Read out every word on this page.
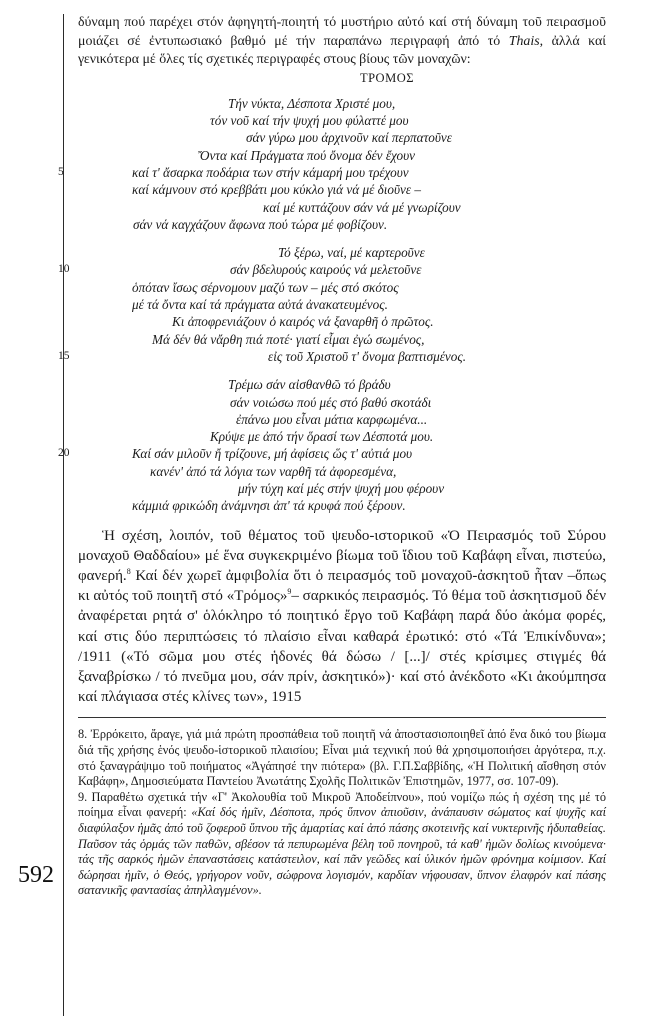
592

δύναμη πού παρέχει στόν ἀφηγητή-ποιητή τό μυστήριο αὐτό καί στή δύναμη τοῦ πειρασμοῦ μοιάζει σέ ἐντυπωσιακό βαθμό μέ τήν παραπάνω περιγραφή ἀπό τό Thais, ἀλλά καί γενικότερα μέ ὅλες τίς σχετικές περιγραφές στους βίους τῶν μοναχῶν:

ΤΡΟΜΟΣ
Τήν νύκτα, Δέσποτα Χριστέ μου,
τόν νοῦ καί τήν ψυχή μου φύλαττέ μου
σάν γύρω μου ἀρχινοῦν καί περπατοῦνε
Ὄντα καί Πράγματα πού ὄνομα δέν ἔχουν
5	καί τ' ἄσαρκα ποδάρια των στήν κάμαρή μου τρέχουν
καί κάμνουν στό κρεββάτι μου κύκλο γιά νά μέ διοῦνε –
καί μέ κυττάζουν σάν νά μέ γνωρίζουν
σάν νά καγχάζουν ἄφωνα πού τώρα μέ φοβίζουν.
Τό ξέρω, ναί, μέ καρτεροῦνε
10	σάν βδελυρούς καιρούς νά μελετοῦνε
ὁπόταν ἴσως σέρνομουν μαζύ των – μές στό σκότος
μέ τά ὄντα καί τά πράγματα αὐτά ἀνακατευμένος.
Κι ἀποφρενιάζουν ὁ καιρός νά ξαναρθῆ ὁ πρῶτος.
Μά δέν θά νἄρθη πιά ποτέ· γιατί εἶμαι ἐγώ σωμένος,
15	εἰς τοῦ Χριστοῦ τ' ὄνομα βαπτισμένος.
Τρέμω σάν αἰσθανθῶ τό βράδυ
σάν νοιώσω πού μές στό βαθύ σκοτάδι
ἐπάνω μου εἶναι μάτια καρφωμένα...
Κρύψε με ἀπό τήν ὅρασί των Δέσποτά μου.
20	Καί σάν μιλοῦν ἤ τρίζουνε, μή ἀφίσεις ὥς τ' αὐτιά μου
κανέν' ἀπό τά λόγια των ναρθῆ τά ἀφορεσμένα,
μήν τύχη καί μές στήν ψυχή μου φέρουν
κάμμιά φρικώδη ἀνάμνησι ἀπ' τά κρυφά πού ξέρουν.

Ἡ σχέση, λοιπόν, τοῦ θέματος τοῦ ψευδο-ιστορικοῦ «Ὁ Πειρασμός τοῦ Σύρου μοναχοῦ Θαδδαίου» μέ ἕνα συγκεκριμένο βίωμα τοῦ ἴδιου τοῦ Καβάφη εἶναι, πιστεύω, φανερή.$^8$ Καί δέν χωρεῖ ἀμφιβολία ὅτι ὁ πειρασμός τοῦ μοναχοῦ-ἀσκητοῦ ἦταν –ὅπως κι αὐτός τοῦ ποιητῆ στό «Τρόμος»$^9$– σαρκικός πειρασμός. Τό θέμα τοῦ ἀσκητισμοῦ δέν ἀναφέρεται ρητά σ' ὁλόκληρο τό ποιητικό ἔργο τοῦ Καβάφη παρά δύο ἀκόμα φορές, καί στις δύο περιπτώσεις τό πλαίσιο εἶναι καθαρά ἐρωτικό: στό «Τά Ἐπικίνδυνα»; /1911 («Τό σῶμα μου στές ἡδονές θά δώσω / [...]/ στές κρίσιμες στιγμές θά ξαναβρίσκω / τό πνεῦμα μου, σάν πρίν, ἀσκητικό»)· καί στό ἀνέκδοτο «Κι ἀκούμπησα καί πλάγιασα στές κλίνες των», 1915

8. Ἐρρόκειτο, ἄραγε, γιά μιά πρώτη προσπάθεια τοῦ ποιητῆ νά ἀποστασιοποιηθεῖ ἀπό ἕνα δικό του βίωμα διά τῆς χρήσης ἑνός ψευδο-ἱστορικοῦ πλαισίου; Εἶναι μιά τεχνική πού θά χρησιμοποιήσει ἀργότερα, π.χ. στό ξαναγράψιμο τοῦ ποιήματος «Ἀγάπησέ την πιότερα» (βλ. Γ.Π.Σαββίδης, «Ἡ Πολιτική αἴσθηση στόν Καβάφη», Δημοσιεύματα Παντείου Ἀνωτάτης Σχολῆς Πολιτικῶν Ἐπιστημῶν, 1977, σσ. 107-09).

9. Παραθέτω σχετικά τήν «Γ' Ἀκολουθία τοῦ Μικροῦ Ἀποδείπνου», πού νομίζω πώς ἡ σχέση της μέ τό ποίημα εἶναι φανερή: «Καί δός ἡμῖν, Δέσποτα, πρός ὕπνον ἀπιοῦσιν, ἀνάπαυσιν σώματος καί ψυχῆς καί διαφύλαξον ἡμᾶς ἀπό τοῦ ζοφεροῦ ὕπνου τῆς ἁμαρτίας καί ἀπό πάσης σκοτεινῆς καί νυκτερινῆς ἡδυπαθείας. Παῦσον τάς ὁρμάς τῶν παθῶν, σβέσον τά πεπυρωμένα βέλη τοῦ πονηροῦ, τά καθ' ἡμῶν δολίως κινούμενα· τάς τῆς σαρκός ἡμῶν ἐπαναστάσεις κατάστειλον, καί πᾶν γεῶδες καί ὑλικόν ἡμῶν φρόνημα κοίμισον. Καί δώρησαι ἡμῖν, ὁ Θεός, γρήγορον νοῦν, σώφρονα λογισμόν, καρδίαν νήφουσαν, ὕπνον ἐλαφρόν καί πάσης σατανικῆς φαντασίας ἀπηλλαγμένον».
